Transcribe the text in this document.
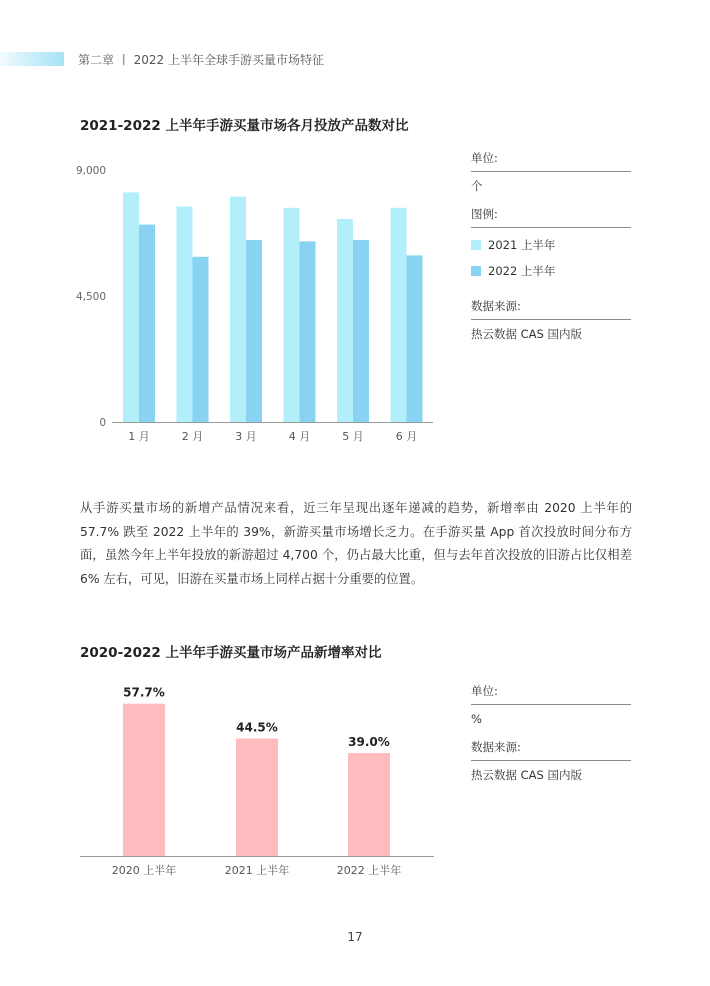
第二章 丨 2022 上半年全球手游买量市场特征
2021-2022 上半年手游买量市场各月投放产品数对比
9,000
4,500
0
1 月	2 月	3 月	4 月	5 月	6 月
57.7%
2020 上半年
44.5%
2021 上半年
39.0%
2022 上半年
单位:
个
图例:
2021 上半年
2022 上半年
数据来源:
热云数据 CAS 国内版
从手游买量市场的新增产品情况来看，近三年呈现出逐年递减的趋势，新增率由 2020 上半年的 57.7% 跌至 2022 上半年的 39%，新游买量市场增长乏力。在手游买量 App 首次投放时间分布方面，虽然今年上半年投放的新游超过 4,700 个，仍占最大比重，但与去年首次投放的旧游占比仅相差 6% 左右，可见，旧游在买量市场上同样占据十分重要的位置。
2020-2022 上半年手游买量市场产品新增率对比
单位:
%
数据来源:
热云数据 CAS 国内版
17
